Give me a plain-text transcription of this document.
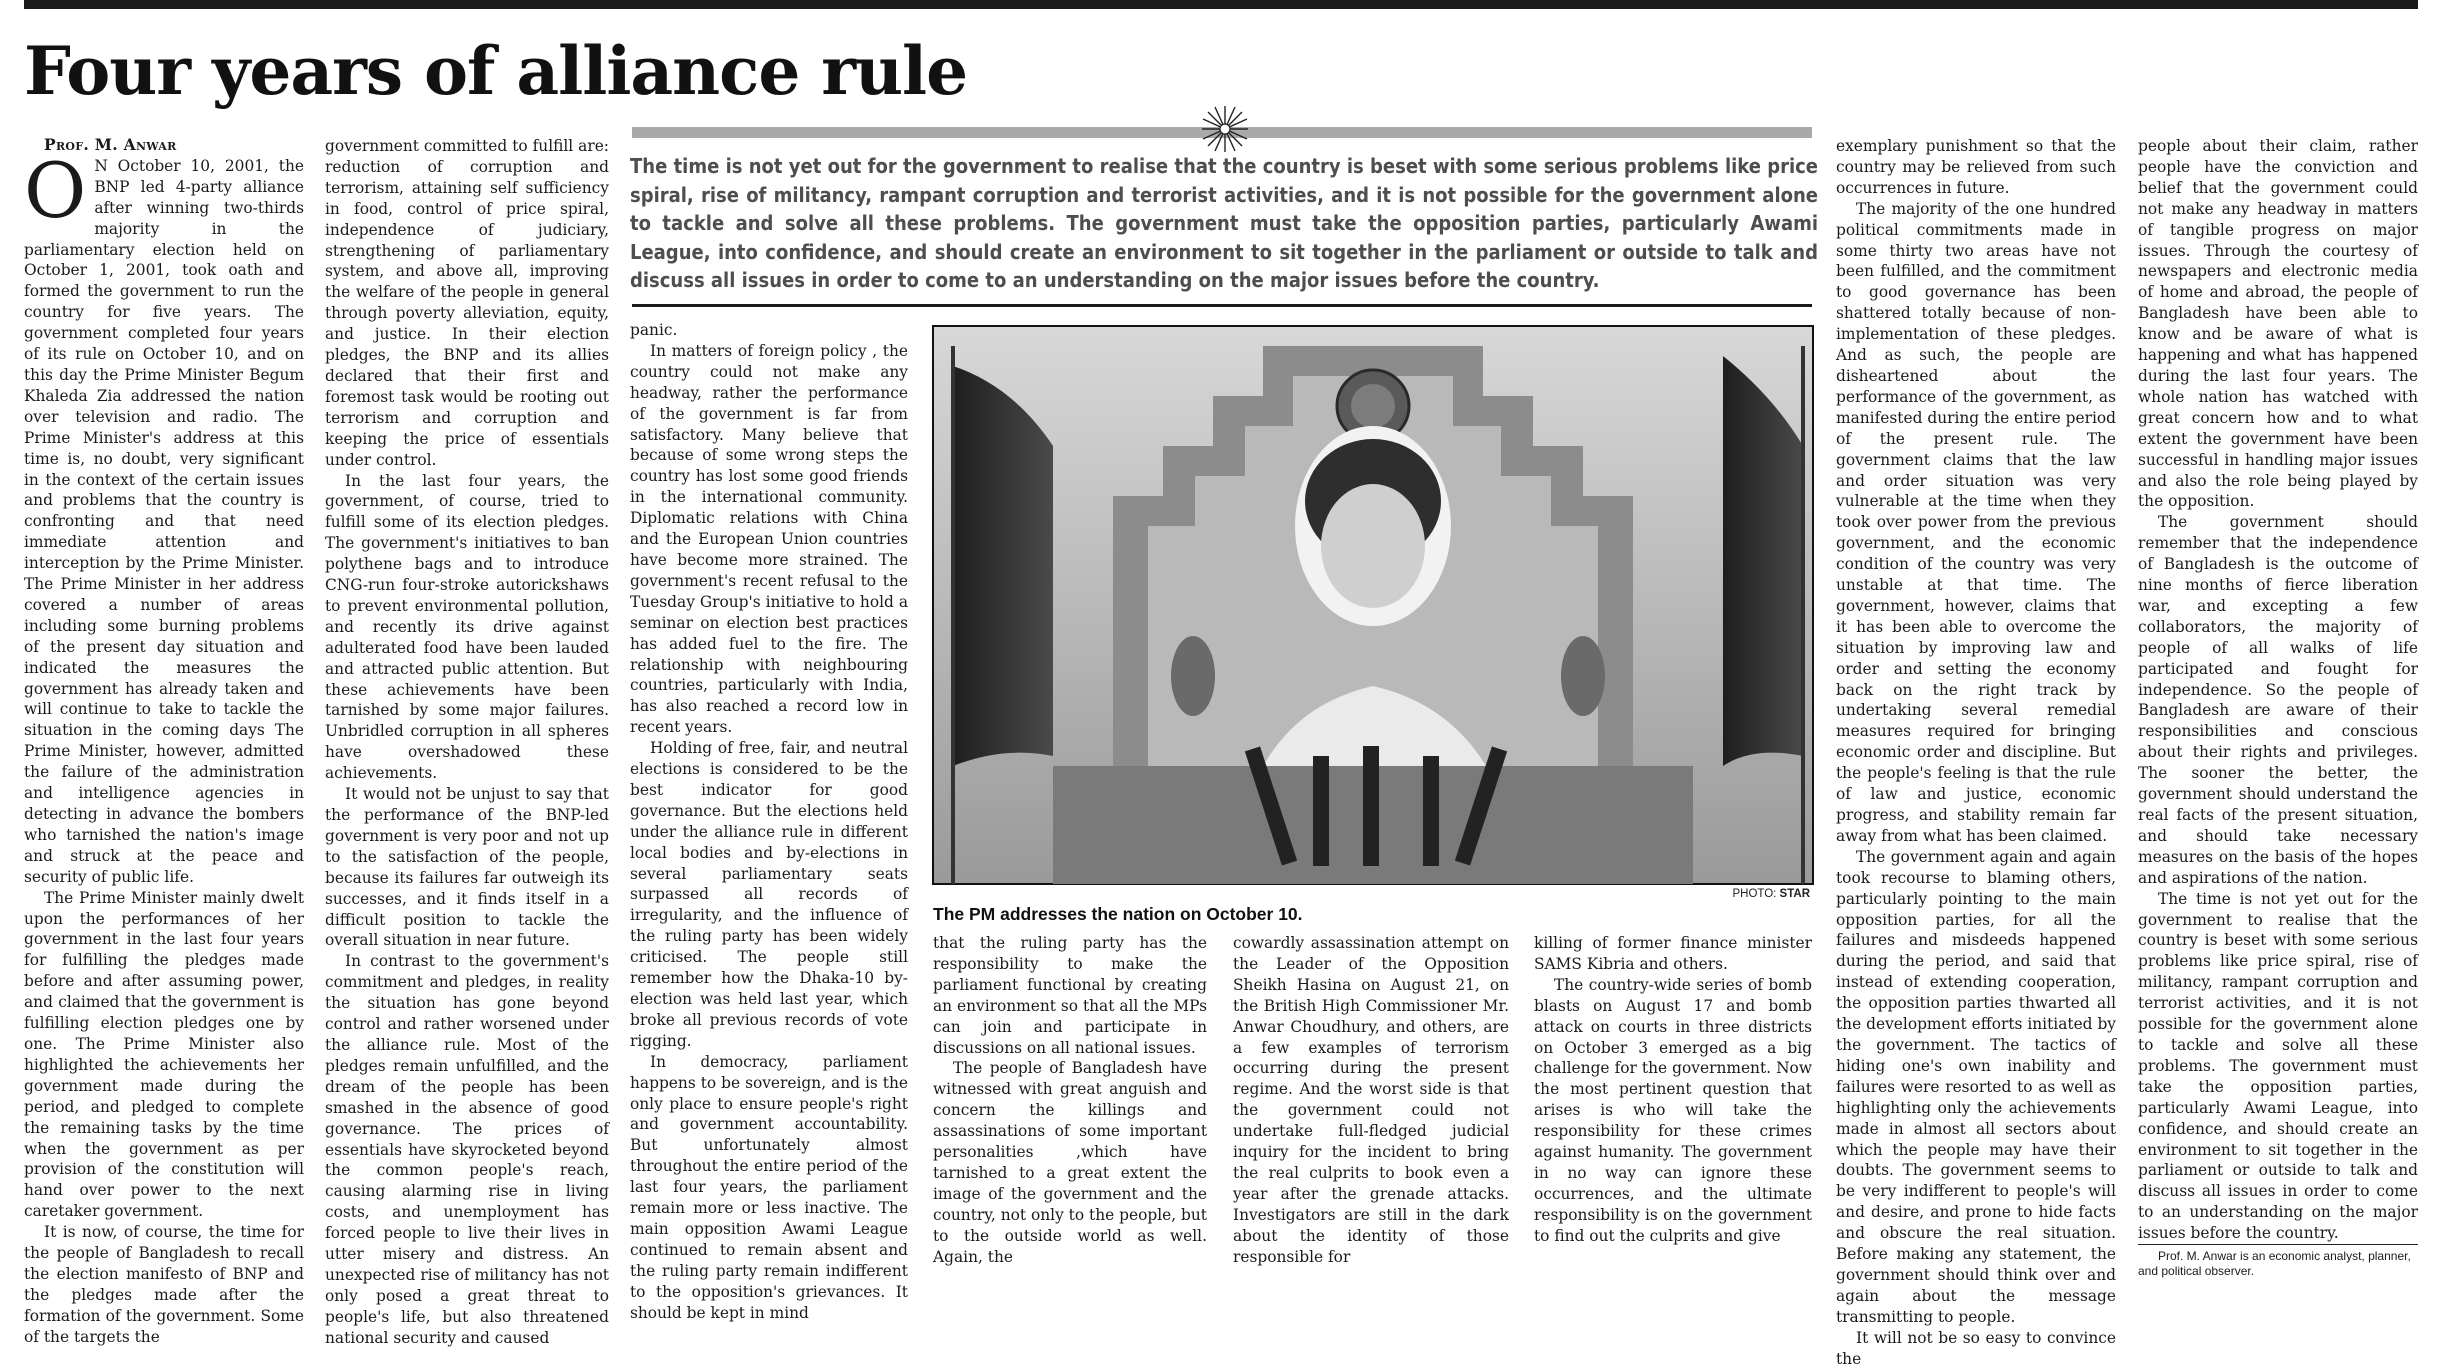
Four years of alliance rule

Prof. M. Anwar

O N October 10, 2001, the BNP led 4-party alliance after winning two-thirds majority in the parliamentary election held on October 1, 2001, took oath and formed the government to run the country for five years. The government completed four years of its rule on October 10, and on this day the Prime Minister Begum Khaleda Zia addressed the nation over television and radio. The Prime Minister's address at this time is, no doubt, very significant in the context of the certain issues and problems that the country is confronting and that need immediate attention and interception by the Prime Minister. The Prime Minister in her address covered a number of areas including some burning problems of the present day situation and indicated the measures the government has already taken and will continue to take to tackle the situation in the coming days The Prime Minister, however, admitted the failure of the administration and intelligence agencies in detecting in advance the bombers who tarnished the nation's image and struck at the peace and security of public life.

The Prime Minister mainly dwelt upon the performances of her government in the last four years for fulfilling the pledges made before and after assuming power, and claimed that the government is fulfilling election pledges one by one. The Prime Minister also highlighted the achievements her government made during the period, and pledged to complete the remaining tasks by the time when the government as per provision of the constitution will hand over power to the next caretaker government.

It is now, of course, the time for the people of Bangladesh to recall the election manifesto of BNP and the pledges made after the formation of the government. Some of the targets the

government committed to fulfill are: reduction of corruption and terrorism, attaining self sufficiency in food, control of price spiral, independence of judiciary, strengthening of parliamentary system, and above all, improving the welfare of the people in general through poverty alleviation, equity, and justice. In their election pledges, the BNP and its allies declared that their first and foremost task would be rooting out terrorism and corruption and keeping the price of essentials under control.

In the last four years, the government, of course, tried to fulfill some of its election pledges. The government's initiatives to ban polythene bags and to introduce CNG-run four-stroke autorickshaws to prevent environmental pollution, and recently its drive against adulterated food have been lauded and attracted public attention. But these achievements have been tarnished by some major failures. Unbridled corruption in all spheres have overshadowed these achievements.

It would not be unjust to say that the performance of the BNP-led government is very poor and not up to the satisfaction of the people, because its failures far outweigh its successes, and it finds itself in a difficult position to tackle the overall situation in near future.

In contrast to the government's commitment and pledges, in reality the situation has gone beyond control and rather worsened under the alliance rule. Most of the pledges remain unfulfilled, and the dream of the people has been smashed in the absence of good governance. The prices of essentials have skyrocketed beyond the common people's reach, causing alarming rise in living costs, and unemployment has forced people to live their lives in utter misery and distress. An unexpected rise of militancy has not only posed a great threat to people's life, but also threatened national security and caused

The time is not yet out for the government to realise that the country is beset with some serious problems like price spiral, rise of militancy, rampant corruption and terrorist activities, and it is not possible for the government alone to tackle and solve all these problems. The government must take the opposition parties, particularly Awami League, into confidence, and should create an environment to sit together in the parliament or outside to talk and discuss all issues in order to come to an understanding on the major issues before the country.

panic.

In matters of foreign policy , the country could not make any headway, rather the performance of the government is far from satisfactory. Many believe that because of some wrong steps the country has lost some good friends in the international community. Diplomatic relations with China and the European Union countries have become more strained. The government's recent refusal to the Tuesday Group's initiative to hold a seminar on election best practices has added fuel to the fire. The relationship with neighbouring countries, particularly with India, has also reached a record low in recent years.

Holding of free, fair, and neutral elections is considered to be the best indicator for good governance. But the elections held under the alliance rule in different local bodies and by-elections in several parliamentary seats surpassed all records of irregularity, and the influence of the ruling party has been widely criticised. The people still remember how the Dhaka-10 by-election was held last year, which broke all previous records of vote rigging.

In democracy, parliament happens to be sovereign, and is the only place to ensure people's right and government accountability. But unfortunately almost throughout the entire period of the last four years, the parliament remain more or less inactive. The main opposition Awami League continued to remain absent and the ruling party remain indifferent to the opposition's grievances. It should be kept in mind

PHOTO: STAR

The PM addresses the nation on October 10.

that the ruling party has the responsibility to make the parliament functional by creating an environment so that all the MPs can join and participate in discussions on all national issues.

The people of Bangladesh have witnessed with great anguish and concern the killings and assassinations of some important personalities ,which have tarnished to a great extent the image of the government and the country, not only to the people, but to the outside world as well. Again, the

cowardly assassination attempt on the Leader of the Opposition Sheikh Hasina on August 21, on the British High Commissioner Mr. Anwar Choudhury, and others, are a few examples of terrorism occurring during the present regime. And the worst side is that the government could not undertake full-fledged judicial inquiry for the incident to bring the real culprits to book even a year after the grenade attacks. Investigators are still in the dark about the identity of those responsible for

killing of former finance minister SAMS Kibria and others.

The country-wide series of bomb blasts on August 17 and bomb attack on courts in three districts on October 3 emerged as a big challenge for the government. Now the most pertinent question that arises is who will take the responsibility for these crimes against humanity. The government in no way can ignore these occurrences, and the ultimate responsibility is on the government to find out the culprits and give

exemplary punishment so that the country may be relieved from such occurrences in future.

The majority of the one hundred political commitments made in some thirty two areas have not been fulfilled, and the commitment to good governance has been shattered totally because of non-implementation of these pledges. And as such, the people are disheartened about the performance of the government, as manifested during the entire period of the present rule. The government claims that the law and order situation was very vulnerable at the time when they took over power from the previous government, and the economic condition of the country was very unstable at that time. The government, however, claims that it has been able to overcome the situation by improving law and order and setting the economy back on the right track by undertaking several remedial measures required for bringing economic order and discipline. But the people's feeling is that the rule of law and justice, economic progress, and stability remain far away from what has been claimed.

The government again and again took recourse to blaming others, particularly pointing to the main opposition parties, for all the failures and misdeeds happened during the period, and said that instead of extending cooperation, the opposition parties thwarted all the development efforts initiated by the government. The tactics of hiding one's own inability and failures were resorted to as well as highlighting only the achievements made in almost all sectors about which the people may have their doubts. The government seems to be very indifferent to people's will and desire, and prone to hide facts and obscure the real situation. Before making any statement, the government should think over and again about the message transmitting to people.

It will not be so easy to convince the

people about their claim, rather people have the conviction and belief that the government could not make any headway in matters of tangible progress on major issues. Through the courtesy of newspapers and electronic media of home and abroad, the people of Bangladesh have been able to know and be aware of what is happening and what has happened during the last four years. The whole nation has watched with great concern how and to what extent the government have been successful in handling major issues and also the role being played by the opposition.

The government should remember that the independence of Bangladesh is the outcome of nine months of fierce liberation war, and excepting a few collaborators, the majority of people of all walks of life participated and fought for independence. So the people of Bangladesh are aware of their responsibilities and conscious about their rights and privileges. The sooner the better, the government should understand the real facts of the present situation, and should take necessary measures on the basis of the hopes and aspirations of the nation.

The time is not yet out for the government to realise that the country is beset with some serious problems like price spiral, rise of militancy, rampant corruption and terrorist activities, and it is not possible for the government alone to tackle and solve all these problems. The government must take the opposition parties, particularly Awami League, into confidence, and should create an environment to sit together in the parliament or outside to talk and discuss all issues in order to come to an understanding on the major issues before the country.

Prof. M. Anwar is an economic analyst, planner, and political observer.
